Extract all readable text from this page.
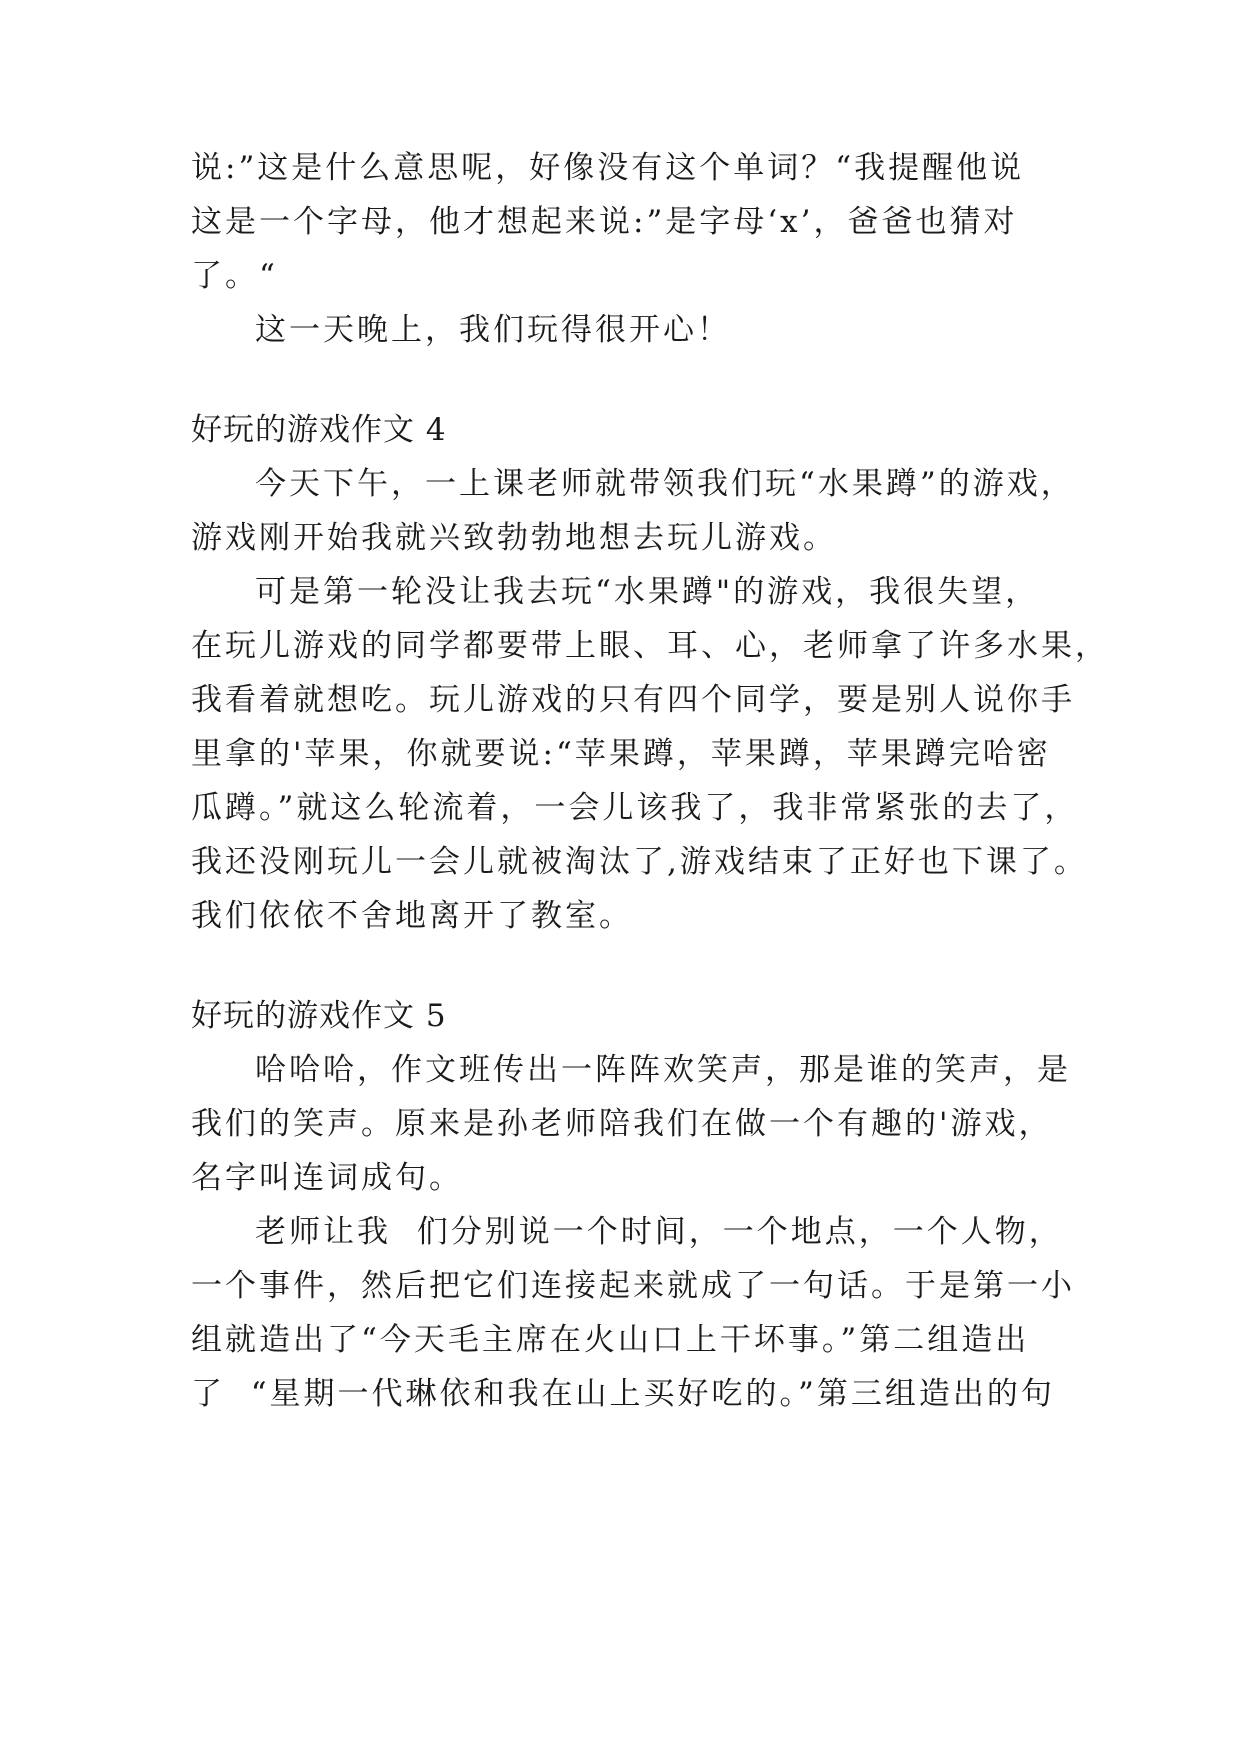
说:”这是什么意思呢，好像没有这个单词？“我提醒他说

这是一个字母，他才想起来说:”是字母‘x’，爸爸也猜对

了。“

这一天晚上，我们玩得很开心！

好玩的游戏作文 4

今天下午，一上课老师就带领我们玩“水果蹲”的游戏，

游戏刚开始我就兴致勃勃地想去玩儿游戏。

可是第一轮没让我去玩“水果蹲"的游戏，我很失望，

在玩儿游戏的同学都要带上眼、耳、心，老师拿了许多水果，

我看着就想吃。玩儿游戏的只有四个同学，要是别人说你手

里拿的'苹果，你就要说:“苹果蹲，苹果蹲，苹果蹲完哈密

瓜蹲。”就这么轮流着，一会儿该我了，我非常紧张的去了，

我还没刚玩儿一会儿就被淘汰了,游戏结束了正好也下课了。

我们依依不舍地离开了教室。

好玩的游戏作文 5

哈哈哈，作文班传出一阵阵欢笑声，那是谁的笑声，是

我们的笑声。原来是孙老师陪我们在做一个有趣的'游戏，

名字叫连词成句。

老师让我  们分别说一个时间，一个地点，一个人物，

一个事件，然后把它们连接起来就成了一句话。于是第一小

组就造出了“今天毛主席在火山口上干坏事。”第二组造出

了  “星期一代琳依和我在山上买好吃的。”第三组造出的句
